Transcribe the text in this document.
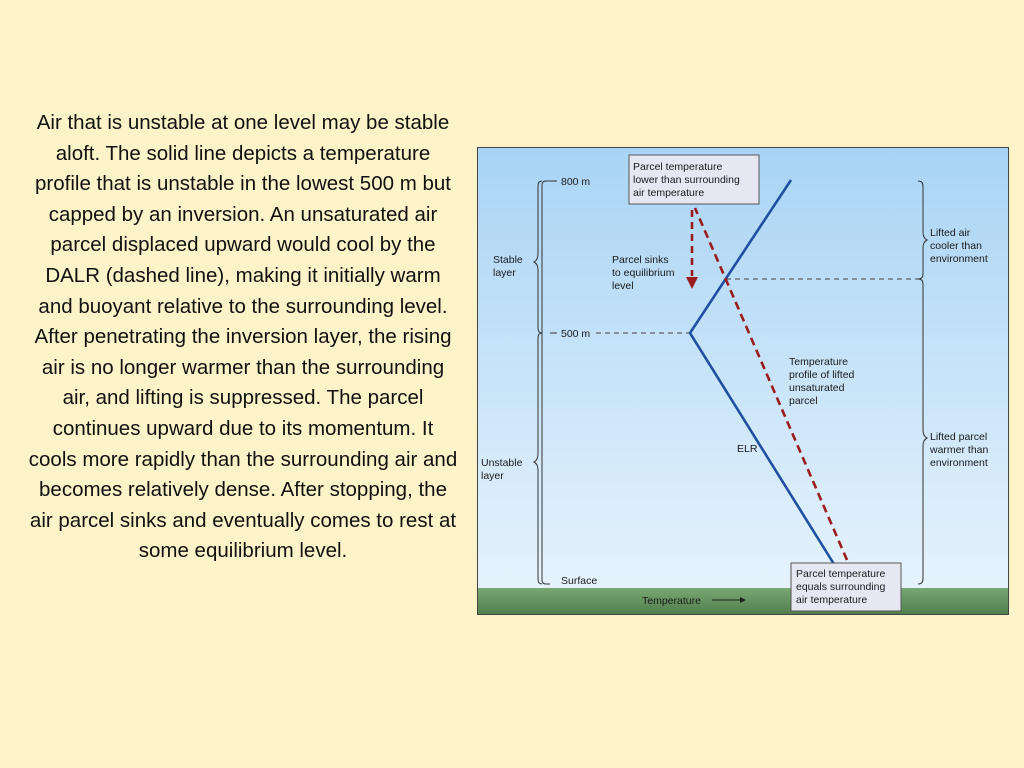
Air that is unstable at one level may be stable aloft. The solid line depicts a temperature profile that is unstable in the lowest 500 m but capped by an inversion. An unsaturated air parcel displaced upward would cool by the DALR (dashed line), making it initially warm and buoyant relative to the surrounding level. After penetrating the inversion layer, the rising air is no longer warmer than the surrounding air, and lifting is suppressed. The parcel continues upward due to its momentum. It cools more rapidly than the surrounding air and becomes relatively dense. After stopping, the air parcel sinks and eventually comes to rest at some equilibrium level.
800 m
500 m
Surface
Stable layer
Unstable layer
Parcel sinks to equilibrium level
Temperature profile of lifted unsaturated parcel
ELR
Parcel temperature lower than surrounding air temperature
Parcel temperature equals surrounding air temperature
Lifted air cooler than environment
Lifted parcel warmer than environment
Temperature
